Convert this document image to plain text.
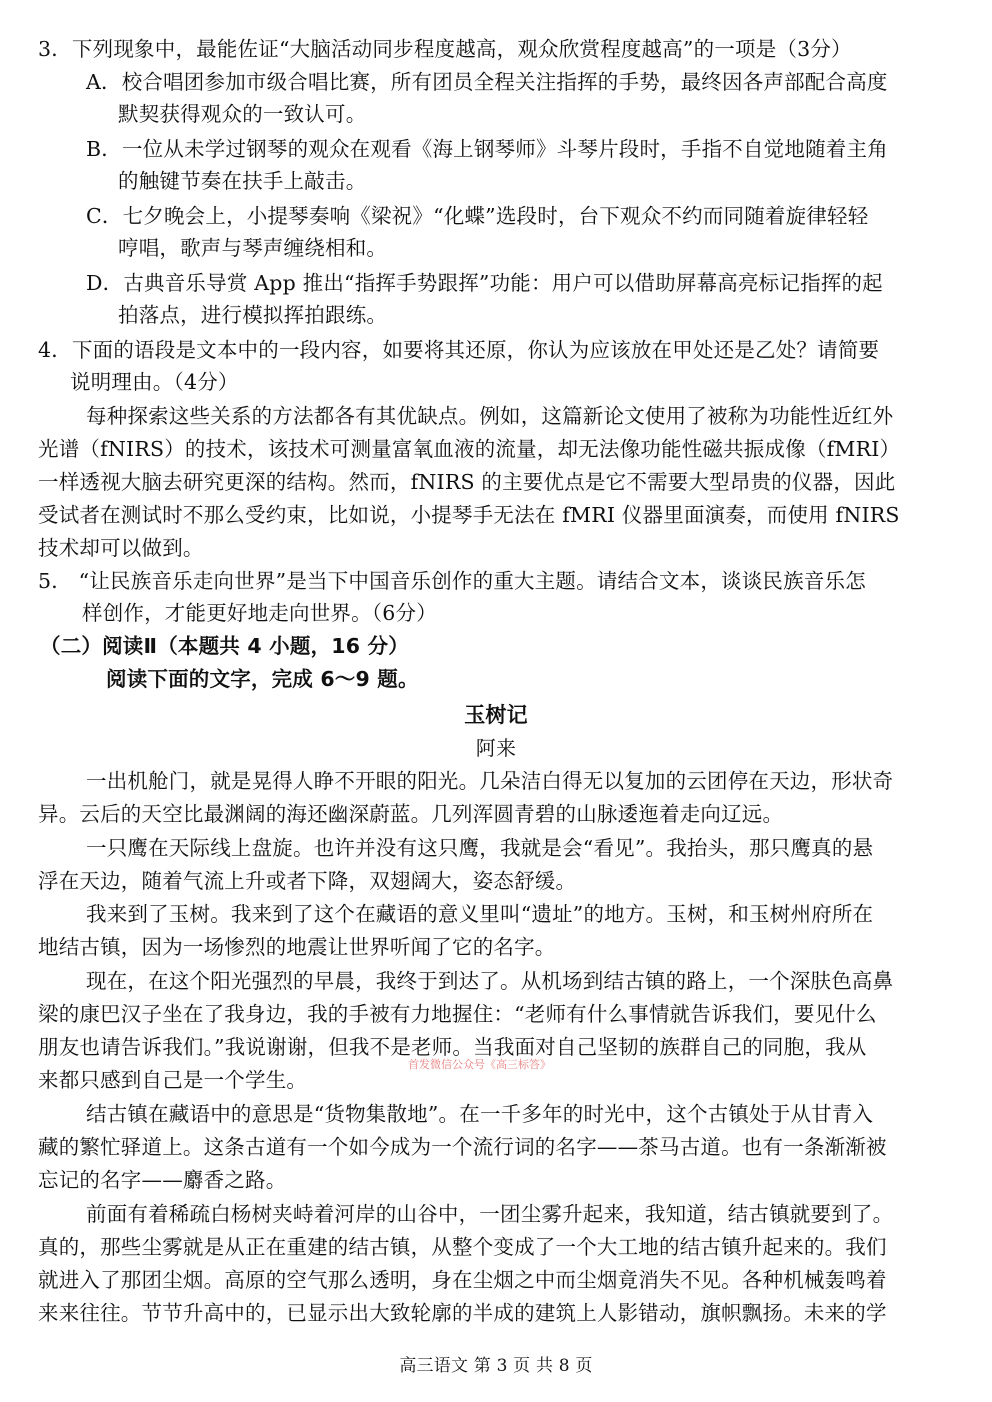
3．下列现象中，最能佐证“大脑活动同步程度越高，观众欣赏程度越高”的一项是（3分）
A．校合唱团参加市级合唱比赛，所有团员全程关注指挥的手势，最终因各声部配合高度
默契获得观众的一致认可。
B．一位从未学过钢琴的观众在观看《海上钢琴师》斗琴片段时，手指不自觉地随着主角
的触键节奏在扶手上敲击。
C．七夕晚会上，小提琴奏响《梁祝》“化蝶”选段时，台下观众不约而同随着旋律轻轻
哼唱，歌声与琴声缠绕相和。
D．古典音乐导赏 App 推出“指挥手势跟挥”功能：用户可以借助屏幕高亮标记指挥的起
拍落点，进行模拟挥拍跟练。
4．下面的语段是文本中的一段内容，如要将其还原，你认为应该放在甲处还是乙处？请简要
说明理由。（4分）
每种探索这些关系的方法都各有其优缺点。例如，这篇新论文使用了被称为功能性近红外
光谱（fNIRS）的技术，该技术可测量富氧血液的流量，却无法像功能性磁共振成像（fMRI）
一样透视大脑去研究更深的结构。然而，fNIRS 的主要优点是它不需要大型昂贵的仪器，因此
受试者在测试时不那么受约束，比如说，小提琴手无法在 fMRI 仪器里面演奏，而使用 fNIRS
技术却可以做到。
5． “让民族音乐走向世界”是当下中国音乐创作的重大主题。请结合文本，谈谈民族音乐怎
样创作，才能更好地走向世界。（6分）
（二）阅读Ⅱ（本题共 4 小题，16 分）
阅读下面的文字，完成 6～9 题。
一出机舱门，就是晃得人睁不开眼的阳光。几朵洁白得无以复加的云团停在天边，形状奇
异。云后的天空比最渊阔的海还幽深蔚蓝。几列浑圆青碧的山脉逶迤着走向辽远。
一只鹰在天际线上盘旋。也许并没有这只鹰，我就是会“看见”。我抬头，那只鹰真的悬
浮在天边，随着气流上升或者下降，双翅阔大，姿态舒缓。
我来到了玉树。我来到了这个在藏语的意义里叫“遗址”的地方。玉树，和玉树州府所在
地结古镇，因为一场惨烈的地震让世界听闻了它的名字。
现在，在这个阳光强烈的早晨，我终于到达了。从机场到结古镇的路上，一个深肤色高鼻
梁的康巴汉子坐在了我身边，我的手被有力地握住：“老师有什么事情就告诉我们，要见什么
朋友也请告诉我们。”我说谢谢，但我不是老师。当我面对自己坚韧的族群自己的同胞，我从
来都只感到自己是一个学生。
结古镇在藏语中的意思是“货物集散地”。在一千多年的时光中，这个古镇处于从甘青入
藏的繁忙驿道上。这条古道有一个如今成为一个流行词的名字——茶马古道。也有一条渐渐被
忘记的名字——麝香之路。
前面有着稀疏白杨树夹峙着河岸的山谷中，一团尘雾升起来，我知道，结古镇就要到了。
真的，那些尘雾就是从正在重建的结古镇，从整个变成了一个大工地的结古镇升起来的。我们
就进入了那团尘烟。高原的空气那么透明，身在尘烟之中而尘烟竟消失不见。各种机械轰鸣着
来来往往。节节升高中的，已显示出大致轮廓的半成的建筑上人影错动，旗帜飘扬。未来的学
玉树记
阿来
首发微信公众号《高三标答》
高三语文 第 3 页 共 8 页
